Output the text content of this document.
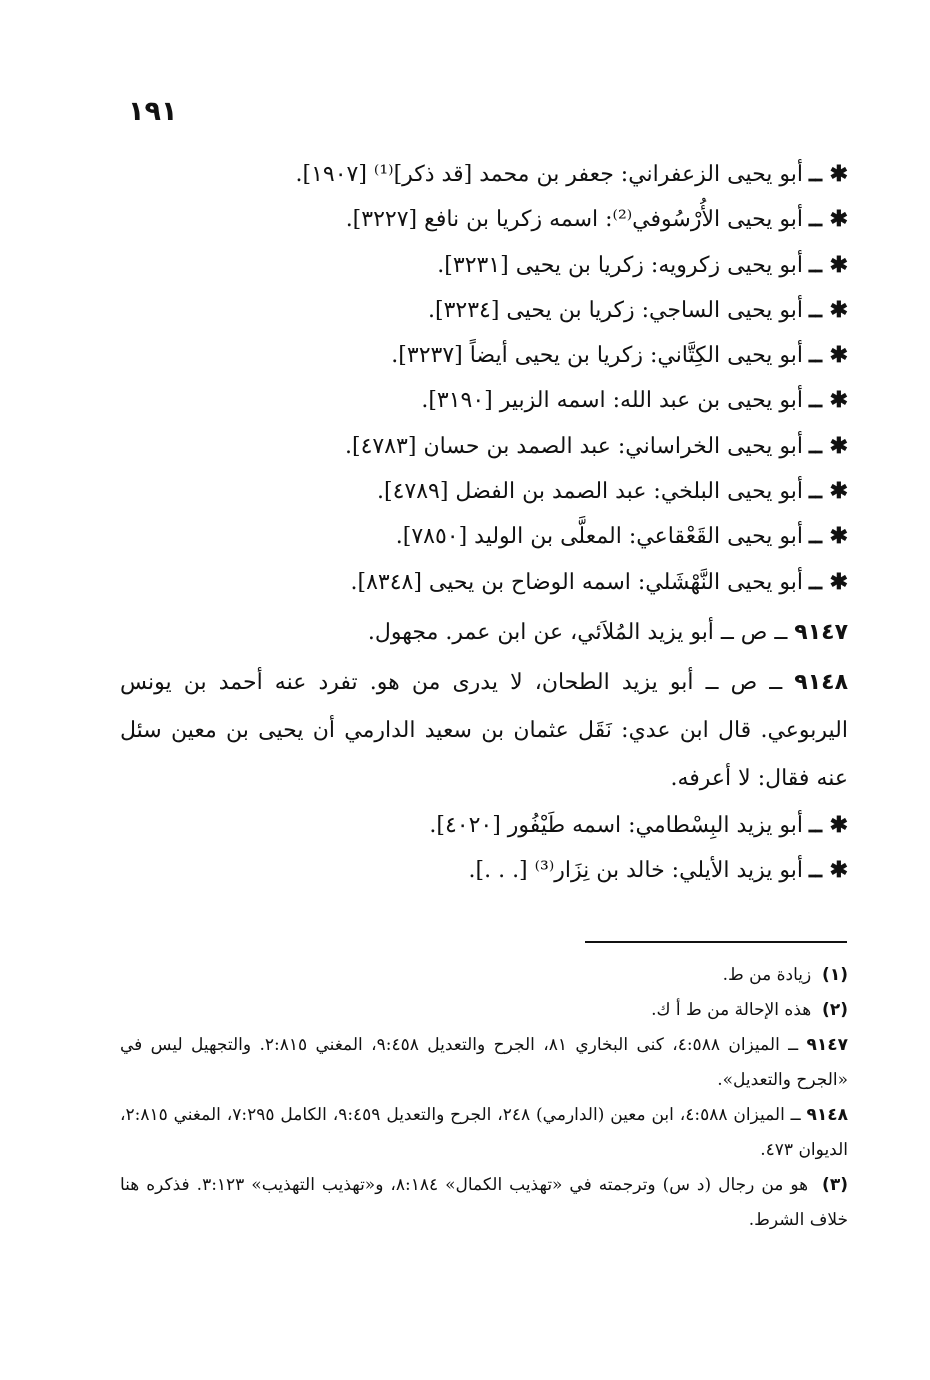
١٩١
✱ ــأبو يحيى الزعفراني: جعفر بن محمد [قد ذكر]⁽¹⁾ [١٩٠٧].
✱ ــأبو يحيى الأُرْسُوفي⁽²⁾: اسمه زكريا بن نافع [٣٢٢٧].
✱ ــأبو يحيى زكرويه: زكريا بن يحيى [٣٢٣١].
✱ ــأبو يحيى الساجي: زكريا بن يحيى [٣٢٣٤].
✱ ــأبو يحيى الكِتَّاني: زكريا بن يحيى أيضاً [٣٢٣٧].
✱ ــأبو يحيى بن عبد الله: اسمه الزبير [٣١٩٠].
✱ ــأبو يحيى الخراساني: عبد الصمد بن حسان [٤٧٨٣].
✱ ــأبو يحيى البلخي: عبد الصمد بن الفضل [٤٧٨٩].
✱ ــأبو يحيى القَعْقاعي: المعلَّى بن الوليد [٧٨٥٠].
✱ ــأبو يحيى النَّهْشَلي: اسمه الوضاح بن يحيى [٨٣٤٨].
٩١٤٧ ــ ص ــ أبو يزيد المُلاَئي، عن ابن عمر. مجهول.
٩١٤٨ ــ ص ــ أبو يزيد الطحان، لا يدرى من هو. تفرد عنه أحمد بن يونس اليربوعي. قال ابن عدي: نَقَل عثمان بن سعيد الدارمي أن يحيى بن معين سئل عنه فقال: لا أعرفه.
✱ ــأبو يزيد البِسْطامي: اسمه طَيْفُور [٤٠٢٠].
✱ ــأبو يزيد الأيلي: خالد بن نِزَار⁽³⁾ [. . .].
(١)  زيادة من ط.
(٢)  هذه الإحالة من ط أ ك.
٩١٤٧ ــ الميزان ٤:٥٨٨، كنى البخاري ٨١، الجرح والتعديل ٩:٤٥٨، المغني ٢:٨١٥. والتجهيل ليس في «الجرح والتعديل».
٩١٤٨ ــ الميزان ٤:٥٨٨، ابن معين (الدارمي) ٢٤٨، الجرح والتعديل ٩:٤٥٩، الكامل ٧:٢٩٥، المغني ٢:٨١٥، الديوان ٤٧٣.
(٣)  هو من رجال (د س) وترجمته في «تهذيب الكمال» ٨:١٨٤، و«تهذيب التهذيب» ٣:١٢٣. فذكره هنا خلاف الشرط.
